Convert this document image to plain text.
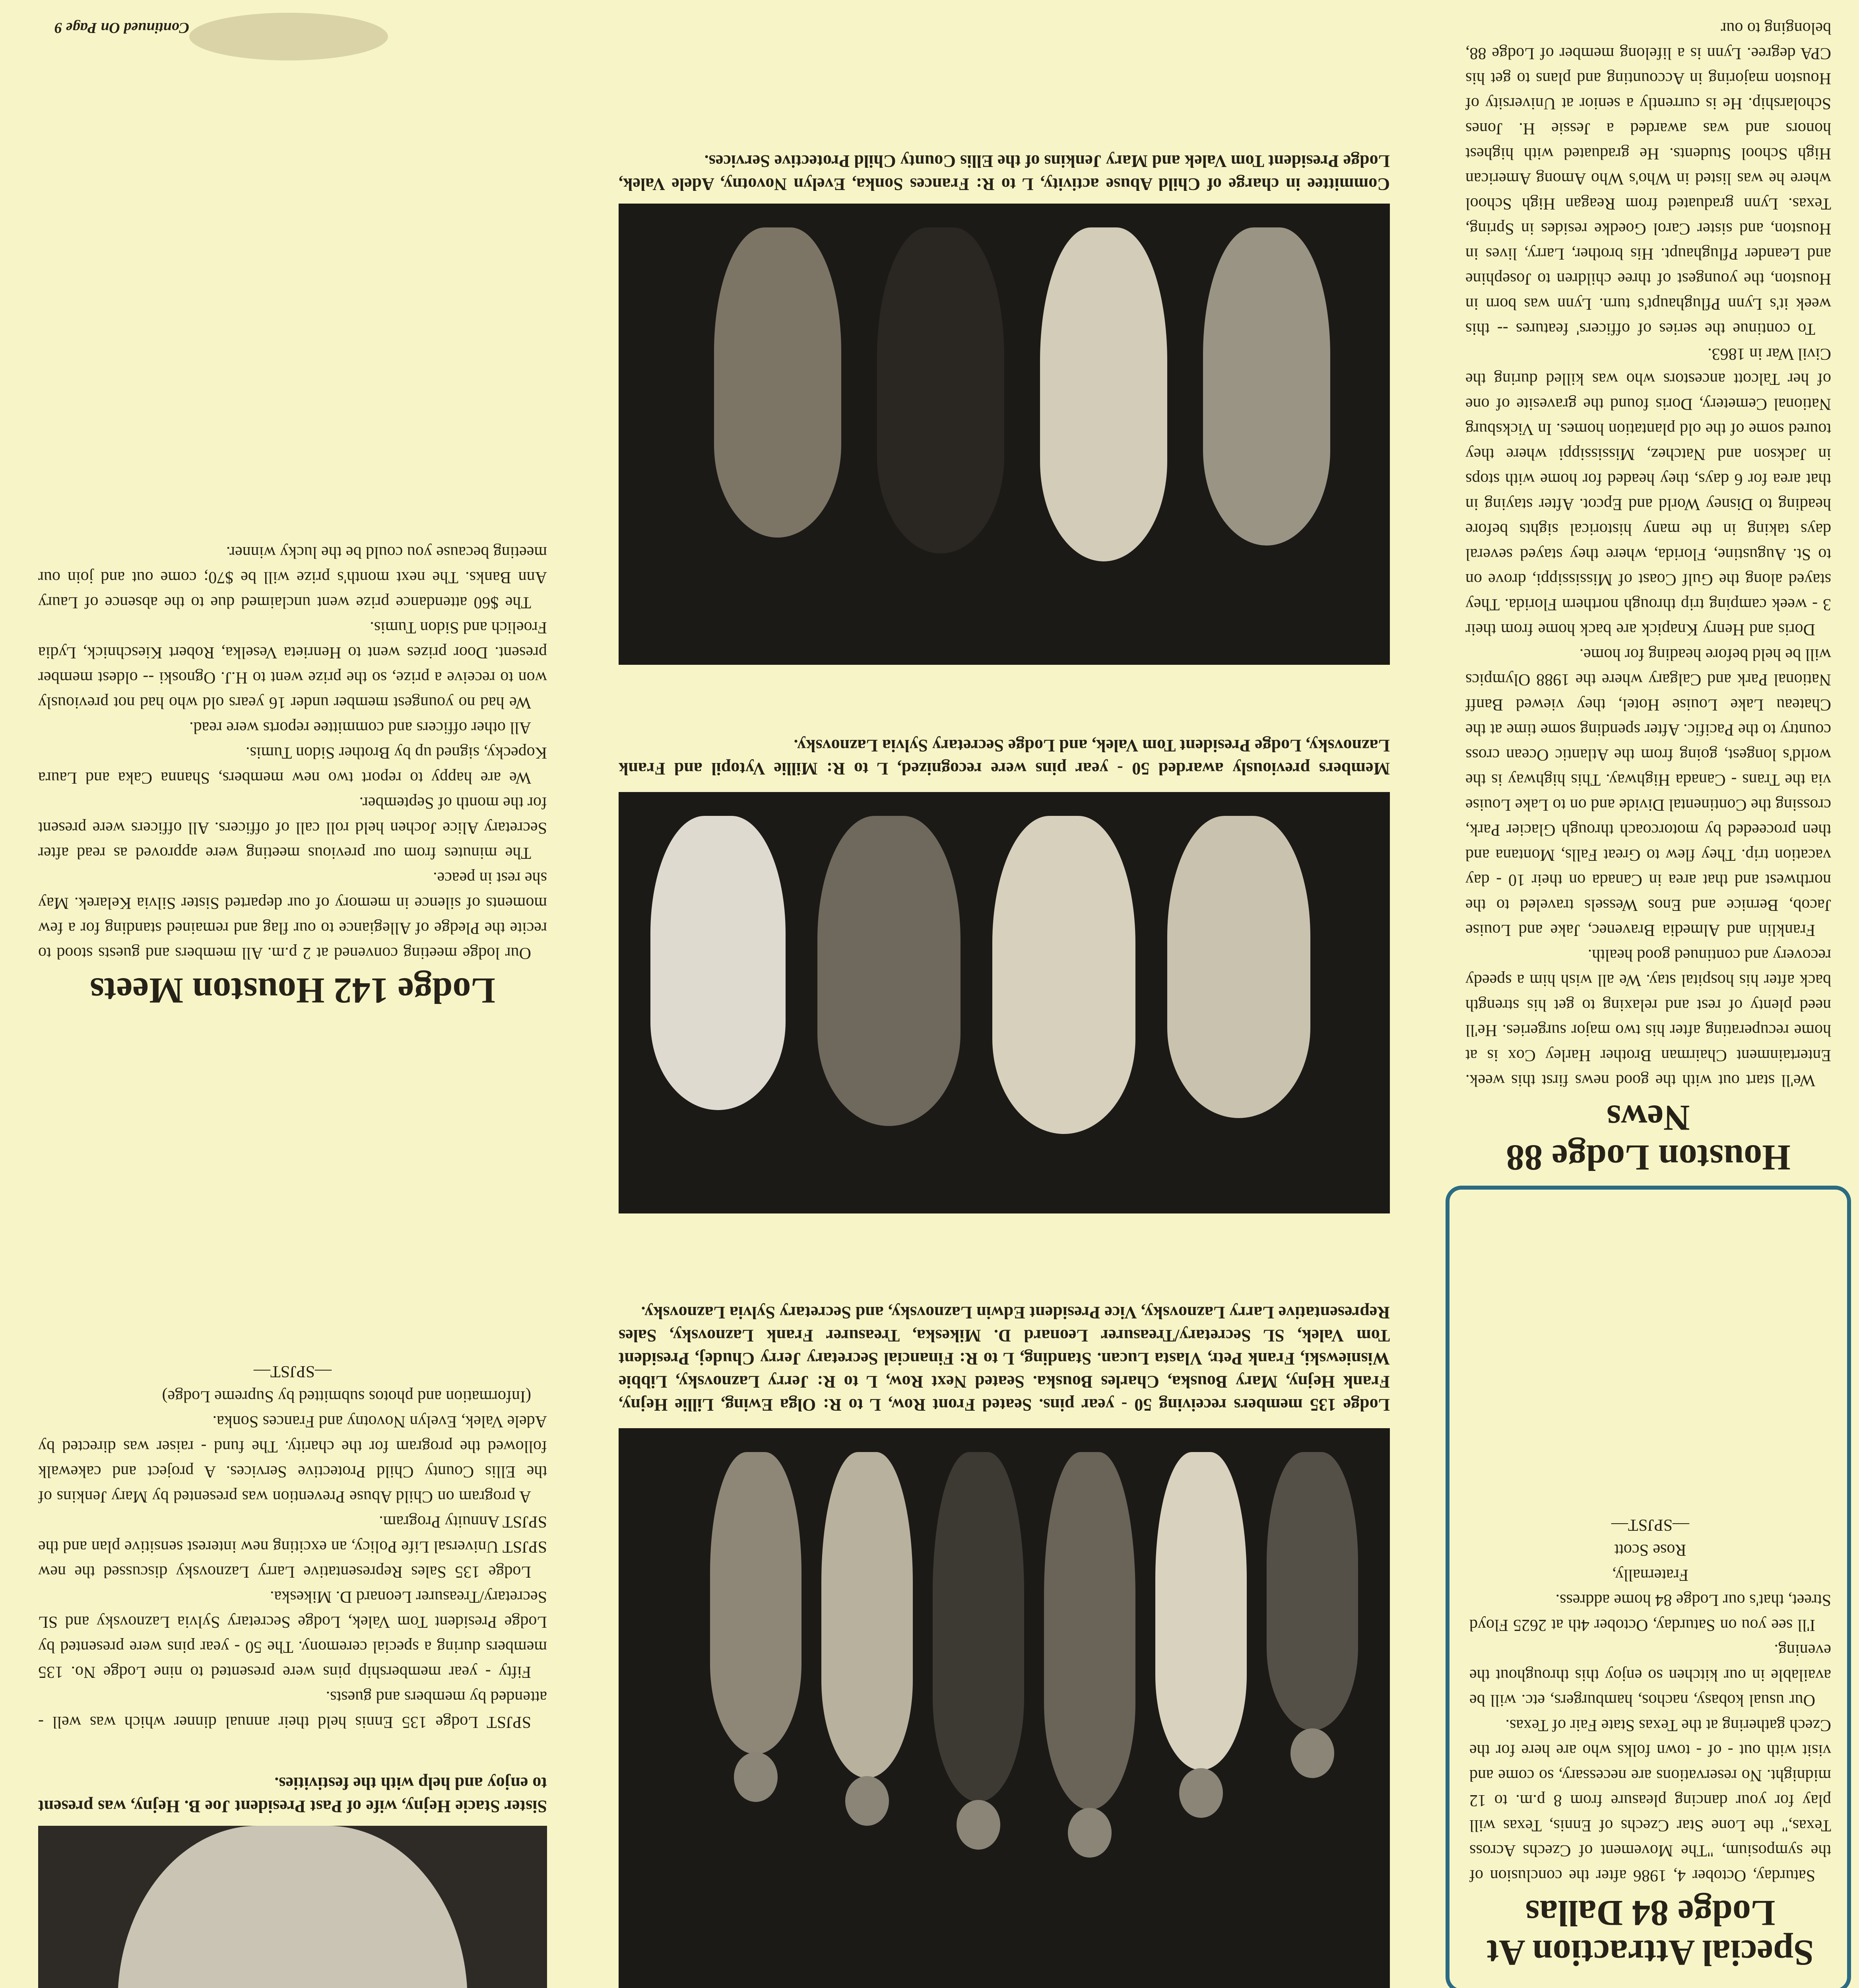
Special Attraction At Lodge 84 Dallas

Saturday, October 4, 1986 after the conclusion of the symposium, "The Movement of Czechs Across Texas," the Lone Star Czechs of Ennis, Texas will play for your dancing pleasure from 8 p.m. to 12 midnight. No reservations are necessary, so come and visit with out - of - town folks who are here for the Czech gathering at the Texas State Fair of Texas.

Our usual kobasy, nachos, hamburgers, etc. will be available in our kitchen so enjoy this throughout the evening.

I'll see you on Saturday, October 4th at 2625 Floyd Street, that's our Lodge 84 home address.

Fraternally,

Rose Scott

—SPJST—

Houston Lodge 88 News

We'll start out with the good news first this week. Entertainment Chairman Brother Harley Cox is at home recuperating after his two major surgeries. He'll need plenty of rest and relaxing to get his strength back after his hospital stay. We all wish him a speedy recovery and continued good health.

Franklin and Almedia Bravenec, Jake and Louise Jacob, Bernice and Enos Wessels traveled to the northwest and that area in Canada on their 10 - day vacation trip. They flew to Great Falls, Montana and then proceeded by motorcoach through Glacier Park, crossing the Continental Divide and on to Lake Louise via the Trans - Canada Highway. This highway is the world's longest, going from the Atlantic Ocean cross country to the Pacific. After spending some time at the Chateau Lake Louise Hotel, they viewed Banff National Park and Calgary where the 1988 Olympics will be held before heading for home.

Doris and Henry Knapick are back home from their 3 - week camping trip through northern Florida. They stayed along the Gulf Coast of Mississippi, drove on to St. Augustine, Florida, where they stayed several days taking in the many historical sights before heading to Disney World and Epcot. After staying in that area for 6 days, they headed for home with stops in Jackson and Natchez, Mississippi where they toured some of the old plantation homes. In Vicksburg National Cemetery, Doris found the gravesite of one of her Talcott ancestors who was killed during the Civil War in 1863.

To continue the series of officers' features -- this week it's Lynn Pflughaupt's turn. Lynn was born in Houston, the youngest of three children to Josephine and Leander Pflughaupt. His brother, Larry, lives in Houston, and sister Carol Goedke resides in Spring, Texas. Lynn graduated from Reagan High School where he was listed in Who's Who Among American High School Students. He graduated with highest honors and was awarded a Jessie H. Jones Scholarship. He is currently a senior at University of Houston majoring in Accounting and plans to get his CPA degree. Lynn is a lifelong member of Lodge 88, belonging to our

Lodge 135 members receiving 50 - year pins. Seated Front Row, L to R: Olga Ewing, Lillie Hejny, Frank Hejny, Mary Bouska, Charles Bouska. Seated Next Row, L to R: Jerry Laznovsky, Libbie Wisniewski, Frank Petr, Vlasta Lucan. Standing, L to R: Financial Secretary Jerry Chudej, President Tom Valek, SL Secretary/Treasurer Leonard D. Mikeska, Treasurer Frank Laznovsky, Sales Representative Larry Laznovsky, Vice President Edwin Laznovsky, and Secretary Sylvia Laznovsky.
Members previously awarded 50 - year pins were recognized, L to R: Millie Vytopil and Frank Laznovsky, Lodge President Tom Valek, and Lodge Secretary Sylvia Laznovsky.
Committee in charge of Child Abuse activity, L to R: Frances Sonka, Evelyn Novotny, Adele Valek, Lodge President Tom Valek and Mary Jenkins of the Ellis County Child Protective Services.
Sister Stacie Hejny, wife of Past President Joe B. Hejny, was present to enjoy and help with the festivities.

SPJST Lodge 135 Ennis held their annual dinner which was well - attended by members and guests.

Fifty - year membership pins were presented to nine Lodge No. 135 members during a special ceremony. The 50 - year pins were presented by Lodge President Tom Valek, Lodge Secretary Sylvia Laznovsky and SL Secretary/Treasurer Leonard D. Mikeska.

Lodge 135 Sales Representative Larry Laznovsky discussed the new SPJST Universal Life Policy, an exciting new interest sensitive plan and the SPJST Annuity Program.

A program on Child Abuse Prevention was presented by Mary Jenkins of the Ellis County Child Protective Services. A project and cakewalk followed the program for the charity. The fund - raiser was directed by Adele Valek, Evelyn Novotny and Frances Sonka.

(Information and photos submitted by Supreme Lodge)

—SPJST—

Lodge 142 Houston Meets

Our lodge meeting convened at 2 p.m. All members and guests stood to recite the Pledge of Allegiance to our flag and remained standing for a few moments of silence in memory of our departed Sister Silvia Kelarek. May she rest in peace.

The minutes from our previous meeting were approved as read after Secretary Alice Jochen held roll call of officers. All officers were present for the month of September.

We are happy to report two new members, Shanna Caka and Laura Kopecky, signed up by Brother Sidon Tumis.

All other officers and committee reports were read.

We had no youngest member under 16 years old who had not previously won to receive a prize, so the prize went to H.J. Ognoski -- oldest member present. Door prizes went to Henrieta Veselka, Robert Kieschnick, Lydia Froelich and Sidon Tumis.

The $60 attendance prize went unclaimed due to the absence of Laury Ann Banks. The next month's prize will be $70; come out and join our meeting because you could be the lucky winner.

Continued On Page 9
